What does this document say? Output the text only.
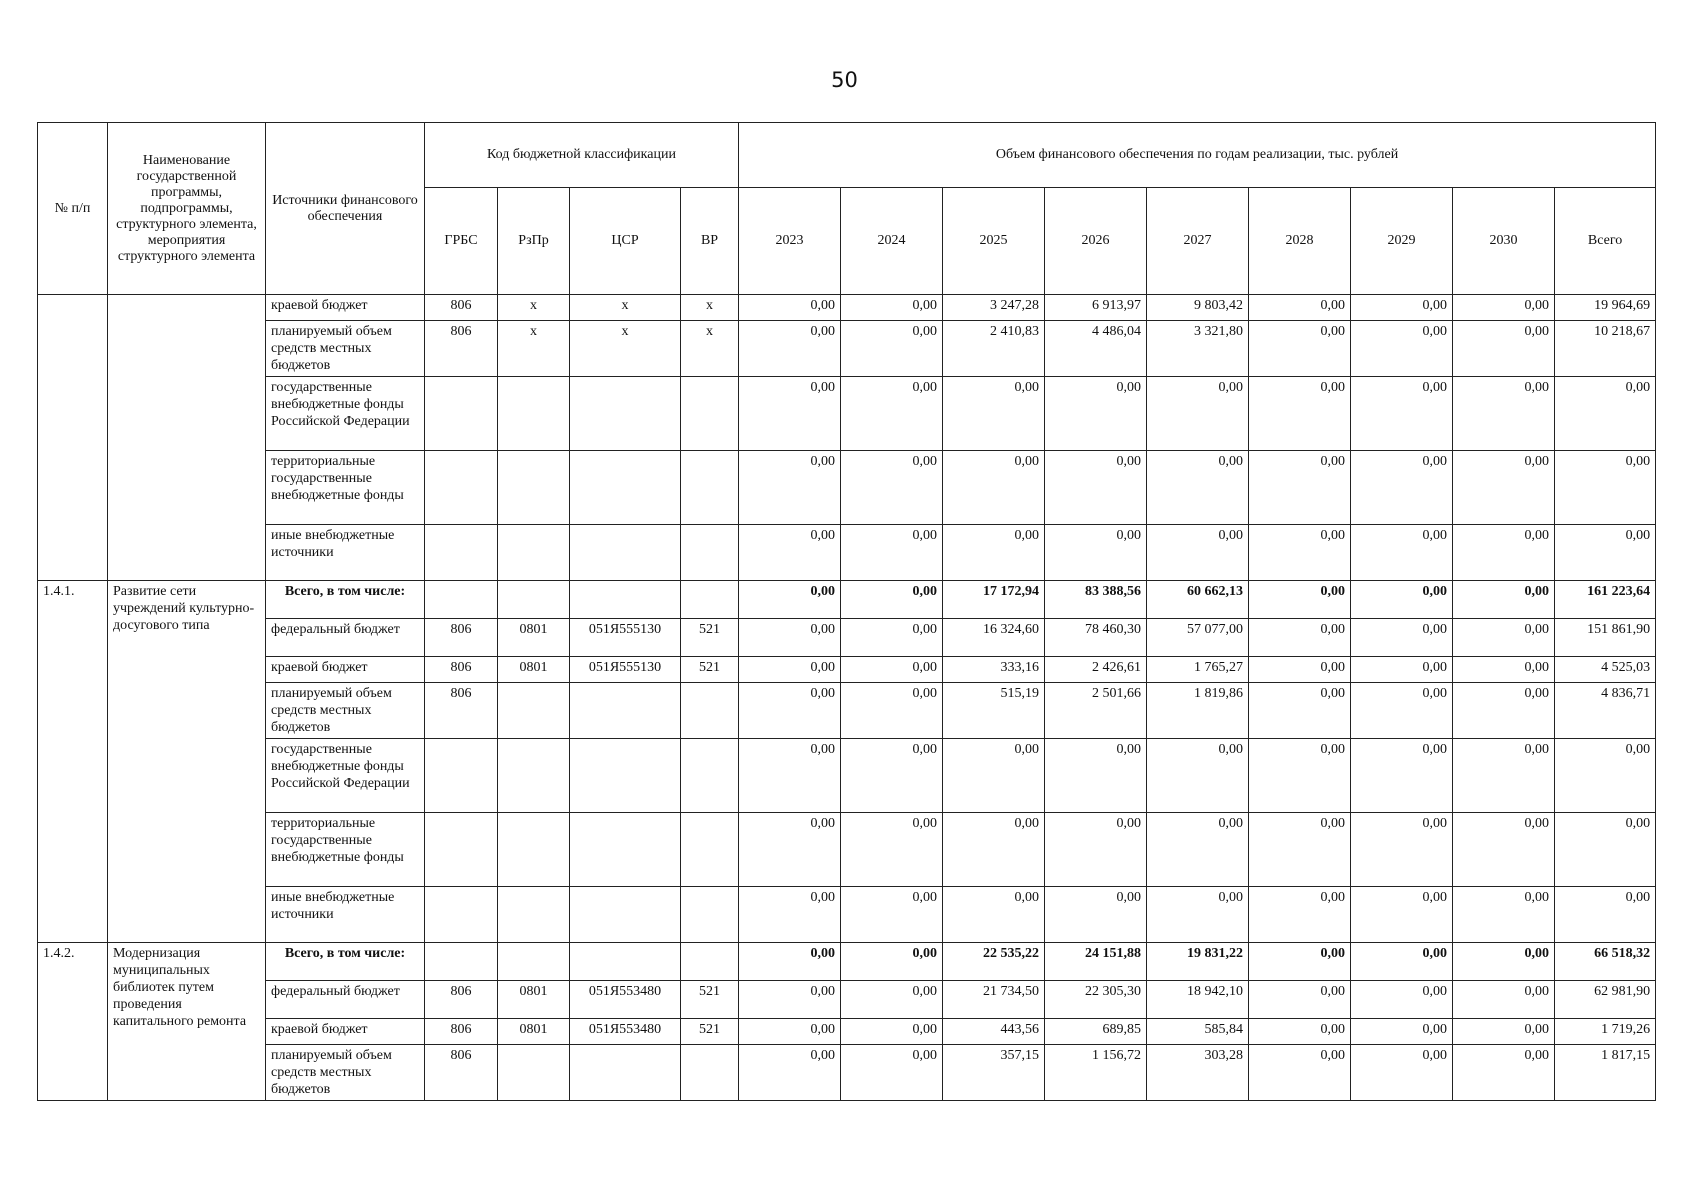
50
№ п/п	Наименование государственной программы, подпрограммы, структурного элемента, мероприятия структурного элемента	Источники финансового обеспечения	Код бюджетной классификации				Объем финансового обеспечения по годам реализации, тыс. рублей								
			ГРБС	РзПр	ЦСР	ВР	2023	2024	2025	2026	2027	2028	2029	2030	Всего
		краевой бюджет	806	х	х	х	0,00	0,00	3 247,28	6 913,97	9 803,42	0,00	0,00	0,00	19 964,69
		планируемый объем средств местных бюджетов	806	х	х	х	0,00	0,00	2 410,83	4 486,04	3 321,80	0,00	0,00	0,00	10 218,67
		государственные внебюджетные фонды Российской Федерации					0,00	0,00	0,00	0,00	0,00	0,00	0,00	0,00	0,00
		территориальные государственные внебюджетные фонды					0,00	0,00	0,00	0,00	0,00	0,00	0,00	0,00	0,00
		иные внебюджетные источники					0,00	0,00	0,00	0,00	0,00	0,00	0,00	0,00	0,00
1.4.1.	Развитие сети учреждений культурно-досугового типа	Всего, в том числе:					0,00	0,00	17 172,94	83 388,56	60 662,13	0,00	0,00	0,00	161 223,64
		федеральный бюджет	806	0801	051Я555130	521	0,00	0,00	16 324,60	78 460,30	57 077,00	0,00	0,00	0,00	151 861,90
		краевой бюджет	806	0801	051Я555130	521	0,00	0,00	333,16	2 426,61	1 765,27	0,00	0,00	0,00	4 525,03
		планируемый объем средств местных бюджетов	806				0,00	0,00	515,19	2 501,66	1 819,86	0,00	0,00	0,00	4 836,71
		государственные внебюджетные фонды Российской Федерации					0,00	0,00	0,00	0,00	0,00	0,00	0,00	0,00	0,00
		территориальные государственные внебюджетные фонды					0,00	0,00	0,00	0,00	0,00	0,00	0,00	0,00	0,00
		иные внебюджетные источники					0,00	0,00	0,00	0,00	0,00	0,00	0,00	0,00	0,00
1.4.2.	Модернизация муниципальных библиотек путем проведения капитального ремонта	Всего, в том числе:					0,00	0,00	22 535,22	24 151,88	19 831,22	0,00	0,00	0,00	66 518,32
		федеральный бюджет	806	0801	051Я553480	521	0,00	0,00	21 734,50	22 305,30	18 942,10	0,00	0,00	0,00	62 981,90
		краевой бюджет	806	0801	051Я553480	521	0,00	0,00	443,56	689,85	585,84	0,00	0,00	0,00	1 719,26
		планируемый объем средств местных бюджетов	806				0,00	0,00	357,15	1 156,72	303,28	0,00	0,00	0,00	1 817,15
